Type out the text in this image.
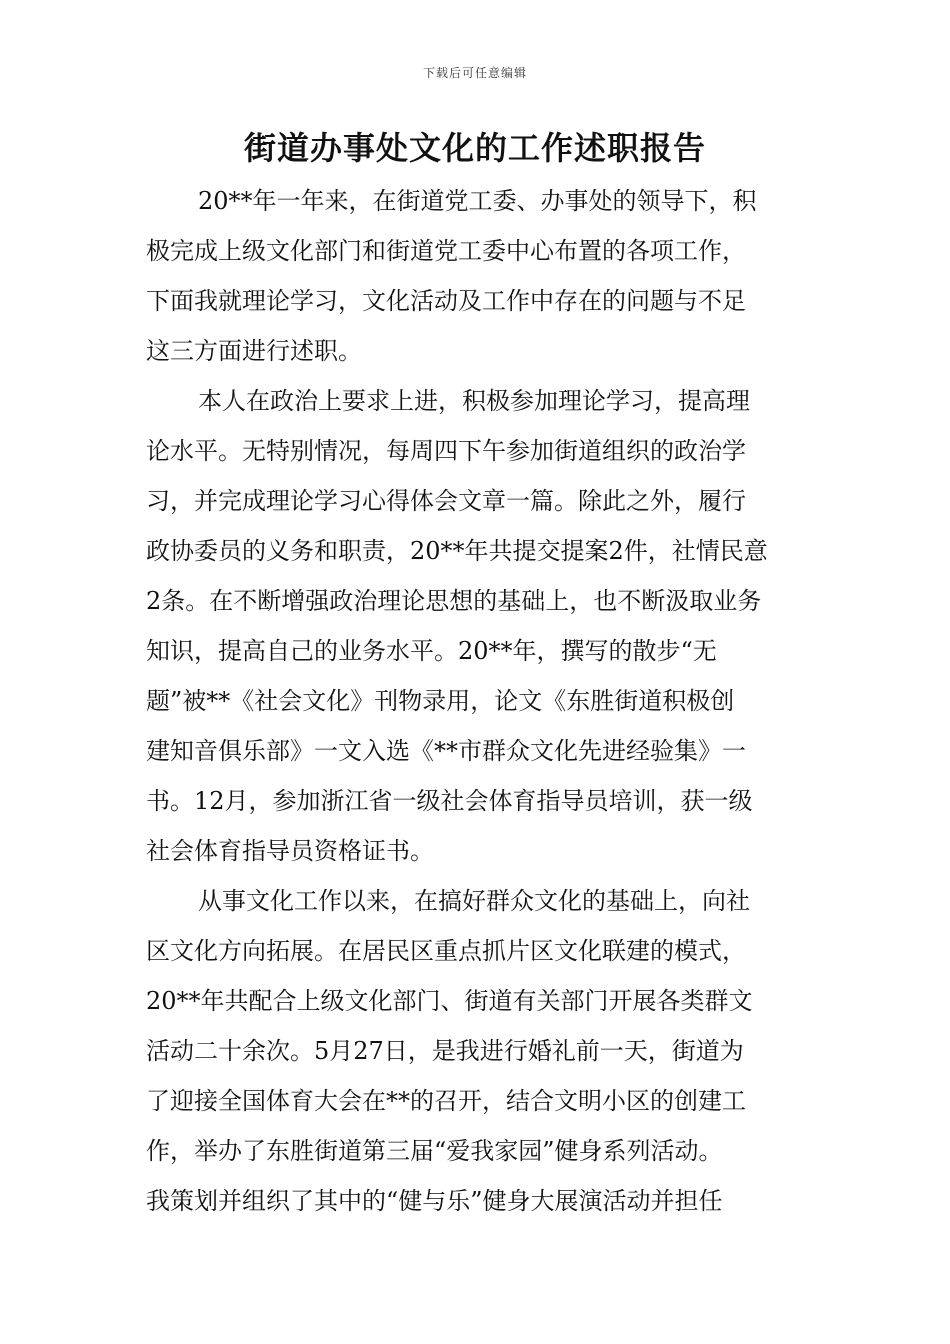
下载后可任意编辑
街道办事处文化的工作述职报告
20**年一年来，在街道党工委、办事处的领导下，积
极完成上级文化部门和街道党工委中心布置的各项工作，
下面我就理论学习，文化活动及工作中存在的问题与不足
这三方面进行述职。
本人在政治上要求上进，积极参加理论学习，提高理
论水平。无特别情况，每周四下午参加街道组织的政治学
习，并完成理论学习心得体会文章一篇。除此之外，履行
政协委员的义务和职责，20**年共提交提案2件，社情民意
2条。在不断增强政治理论思想的基础上，也不断汲取业务
知识，提高自己的业务水平。20**年，撰写的散步“无
题”被**《社会文化》刊物录用，论文《东胜街道积极创
建知音俱乐部》一文入选《**市群众文化先进经验集》一
书。12月，参加浙江省一级社会体育指导员培训，获一级
社会体育指导员资格证书。
从事文化工作以来，在搞好群众文化的基础上，向社
区文化方向拓展。在居民区重点抓片区文化联建的模式，
20**年共配合上级文化部门、街道有关部门开展各类群文
活动二十余次。5月27日，是我进行婚礼前一天，街道为
了迎接全国体育大会在**的召开，结合文明小区的创建工
作，举办了东胜街道第三届“爱我家园”健身系列活动。
我策划并组织了其中的“健与乐”健身大展演活动并担任
